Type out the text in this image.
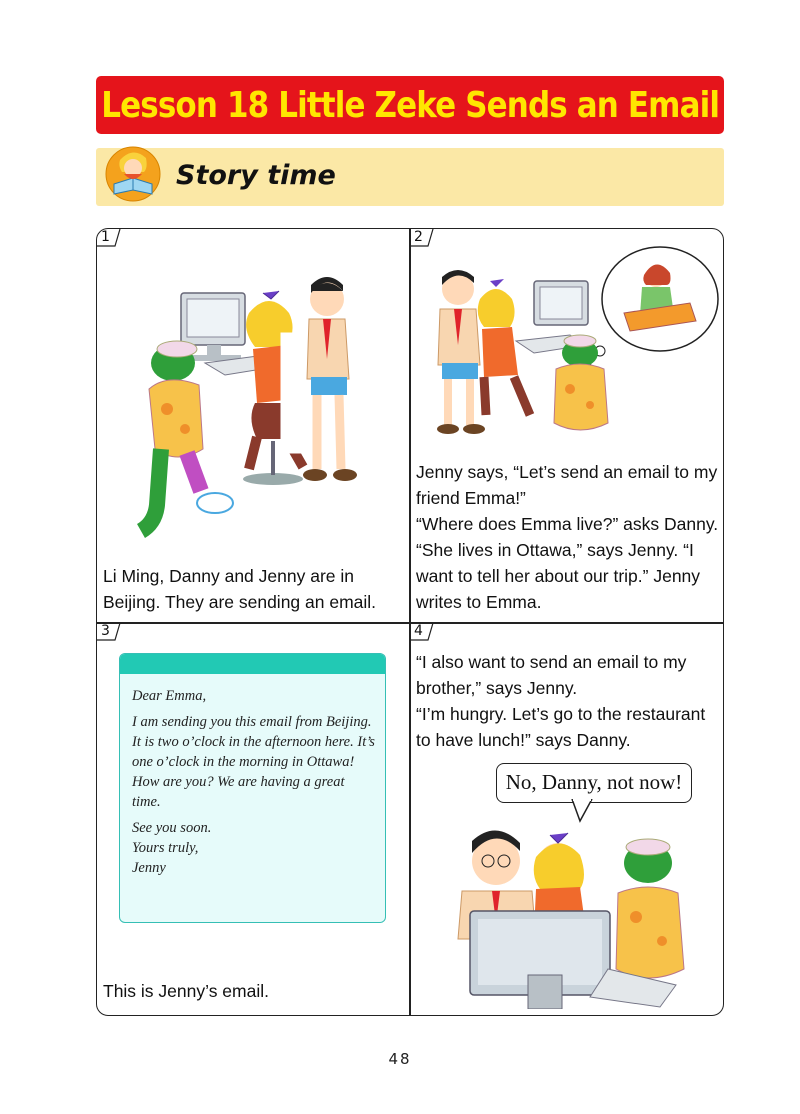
Lesson 18 Little Zeke Sends an Email
Story time
1
Li Ming, Danny and Jenny are in Beijing. They are sending an email.
2
Jenny says, “Let’s send an email to my friend Emma!”
“Where does Emma live?” asks Danny.
“She lives in Ottawa,” says Jenny. “I want to tell her about our trip.” Jenny writes to Emma.
3

Dear Emma,

I am sending you this email from Beijing. It is two o’clock in the afternoon here. It’s one o’clock in the morning in Ottawa! How are you? We are having a great time.

See you soon.
Yours truly,
Jenny
This is Jenny’s email.
4
“I also want to send an email to my brother,” says Jenny.
“I’m hungry. Let’s go to the restaurant to have lunch!” says Danny.
No, Danny, not now!
48
